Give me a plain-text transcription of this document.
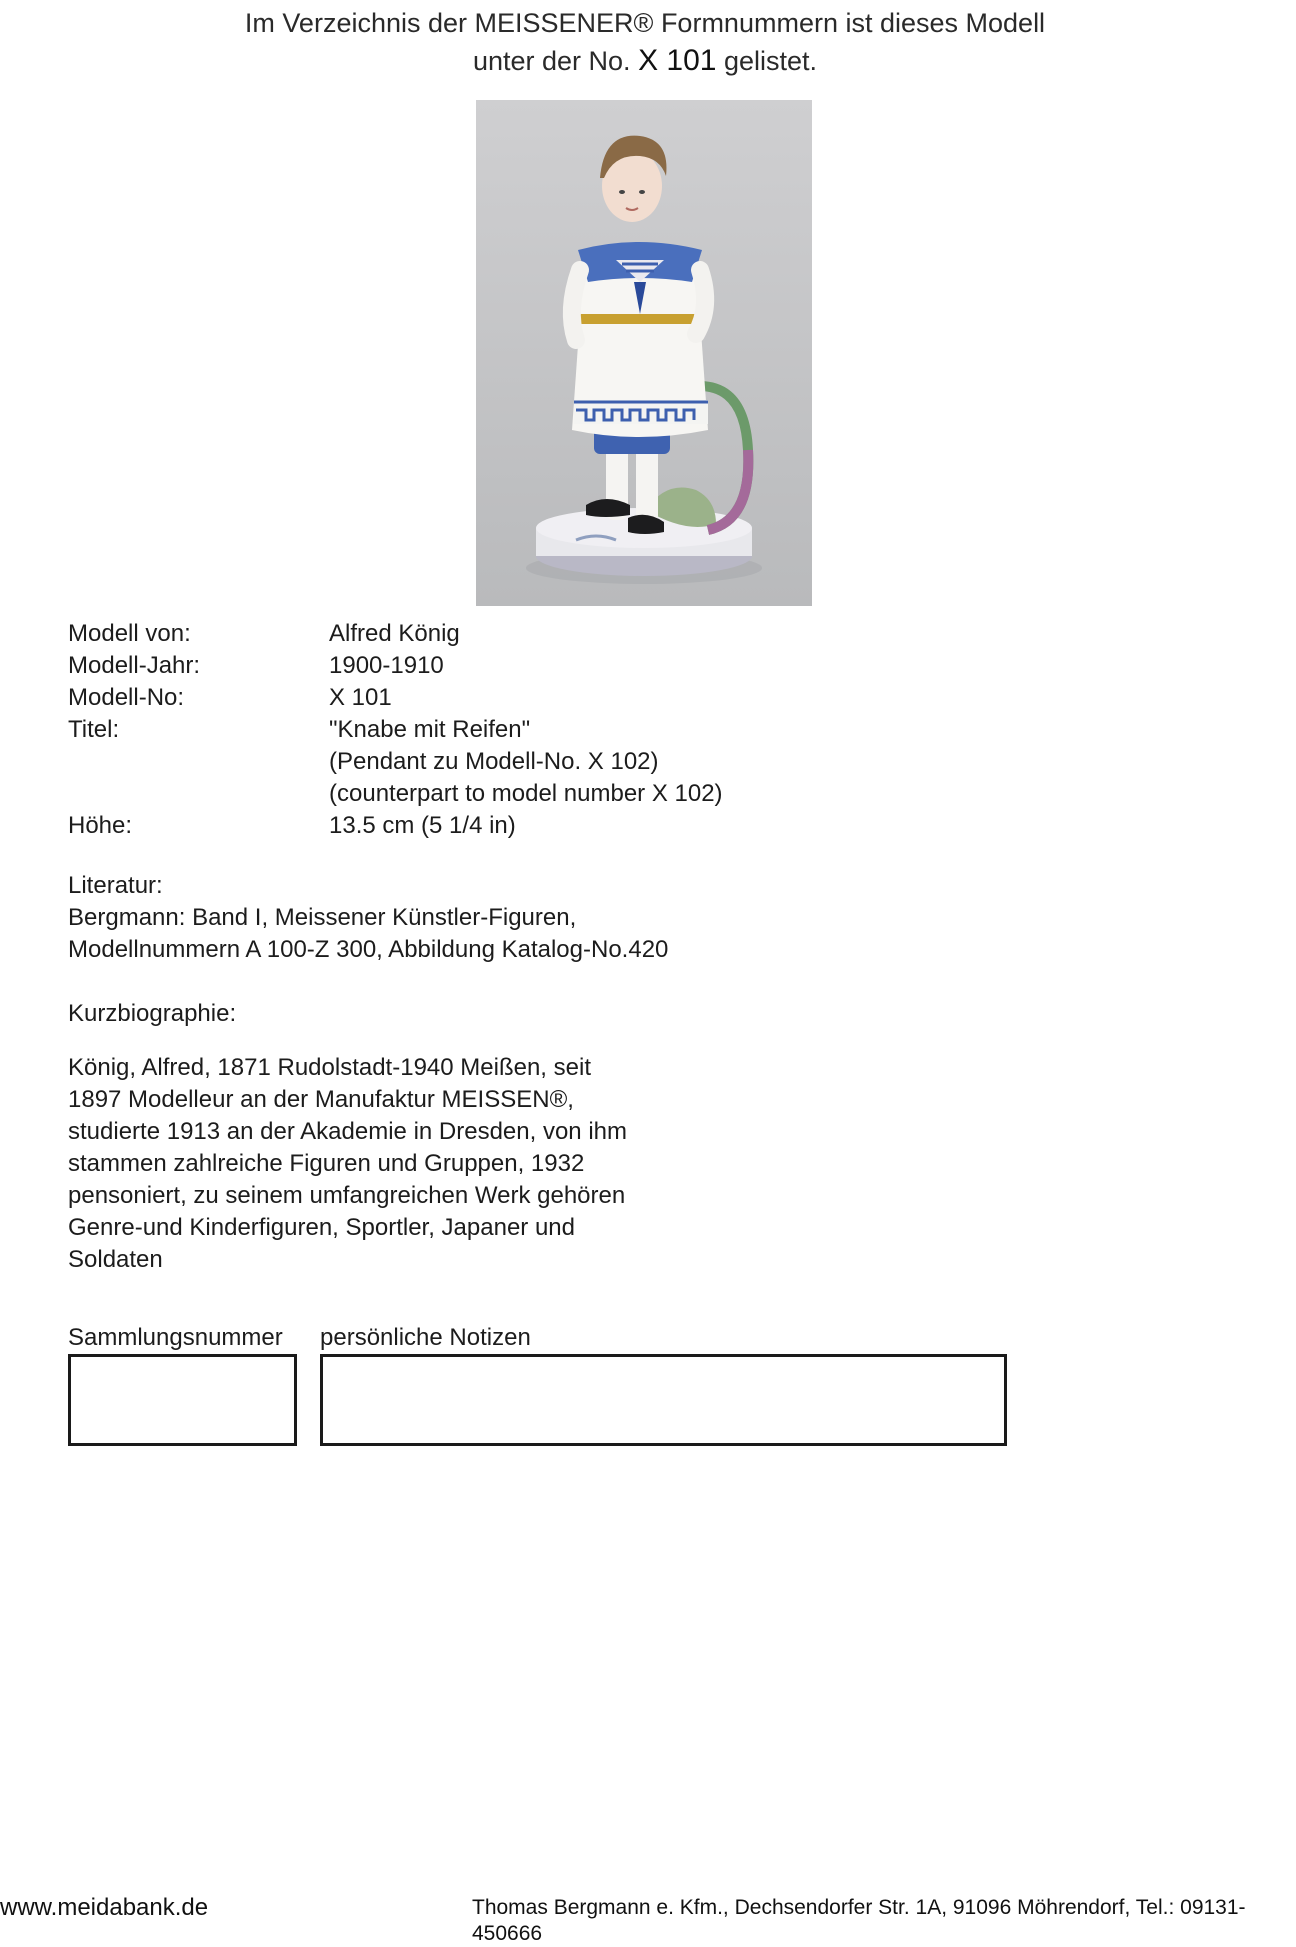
Im Verzeichnis der MEISSENER® Formnummern ist dieses Modell
unter der No. X 101 gelistet.
Modell von:	Alfred König
Modell-Jahr:	1900-1910
Modell-No:	X 101
Titel:	"Knabe mit Reifen"
(Pendant zu Modell-No. X 102)
(counterpart to model number X 102)
Höhe:	13.5 cm (5 1/4 in)
Literatur:
Bergmann: Band I, Meissener Künstler-Figuren,
Modellnummern A 100-Z 300, Abbildung Katalog-No.420
Kurzbiographie:
König, Alfred, 1871 Rudolstadt-1940 Meißen, seit
1897 Modelleur an der Manufaktur MEISSEN®,
studierte 1913 an der Akademie in Dresden, von ihm
stammen zahlreiche Figuren und Gruppen, 1932
pensoniert, zu seinem umfangreichen Werk gehören
Genre-und Kinderfiguren, Sportler, Japaner und
Soldaten
Sammlungsnummer persönliche Notizen
www.meidabank.de	Thomas Bergmann e. Kfm., Dechsendorfer Str. 1A, 91096 Möhrendorf, Tel.: 09131-450666
